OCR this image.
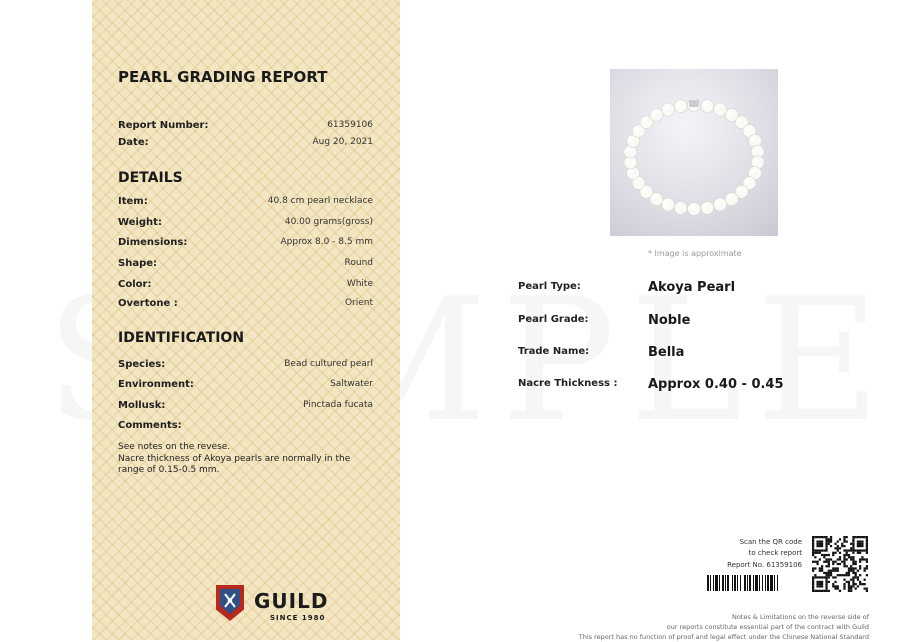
PEARL GRADING REPORT
Report Number:	61359106
Date:	Aug 20, 2021
DETAILS
Item:	40.8 cm pearl necklace
Weight:	40.00 grams(gross)
Dimensions:	Approx 8.0 - 8.5 mm
Shape:	Round
Color:	White
Overtone :	Orient
IDENTIFICATION
Species:	Bead cultured pearl
Environment:	Saltwater
Mollusk:	Pinctada fucata
Comments:
See notes on the revese.
Nacre thickness of Akoya pearls are normally in the
range of 0.15-0.5 mm.
GUILD
SINCE 1980
* Image is approximate
Pearl Type:	Akoya Pearl
Pearl Grade:	Noble
Trade Name:	Bella
Nacre Thickness : Approx 0.40 - 0.45
Scan the QR code
to check report
Report No. 61359106
Notes & Limitations on the reverse side of
our reports constitute essential part of the contract with Guild
This report has no function of proof and legal effect under the Chinese National Standard
